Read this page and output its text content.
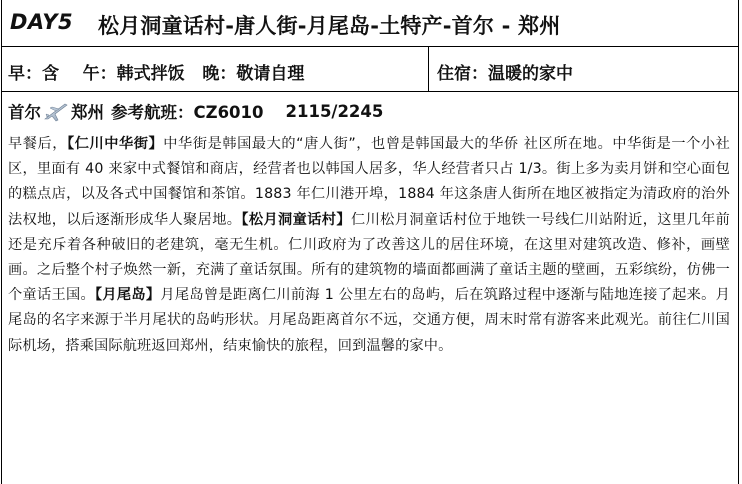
DAY5 松月洞童话村-唐人街-月尾岛-土特产-首尔 - 郑州
早：含    午：韩式拌饭   晚：敬请自理	住宿：温暖的家中
首尔 郑州 参考航班：CZ6010 2115/2245
早餐后，【仁川中华街】中华街是韩国最大的“唐人街”，也曾是韩国最大的华侨 社区所在地。中华街是一个小社区，里面有 40 来家中式餐馆和商店，经营者也以韩国人居多，华人经营者只占 1/3。街上多为卖月饼和空心面包的糕点店，以及各式中国餐馆和茶馆。1883 年仁川港开埠，1884 年这条唐人街所在地区被指定为清政府的治外法权地，以后逐渐形成华人聚居地。【松月洞童话村】仁川松月洞童话村位于地铁一号线仁川站附近，这里几年前还是充斥着各种破旧的老建筑，毫无生机。仁川政府为了改善这儿的居住环境，在这里对建筑改造、修补，画壁画。之后整个村子焕然一新，充满了童话氛围。所有的建筑物的墙面都画满了童话主题的壁画，五彩缤纷，仿佛一个童话王国。【月尾岛】月尾岛曾是距离仁川前海 1 公里左右的岛屿，后在筑路过程中逐渐与陆地连接了起来。月尾岛的名字来源于半月尾状的岛屿形状。月尾岛距离首尔不远，交通方便，周末时常有游客来此观光。前往仁川国际机场，搭乘国际航班返回郑州，结束愉快的旅程，回到温馨的家中。
